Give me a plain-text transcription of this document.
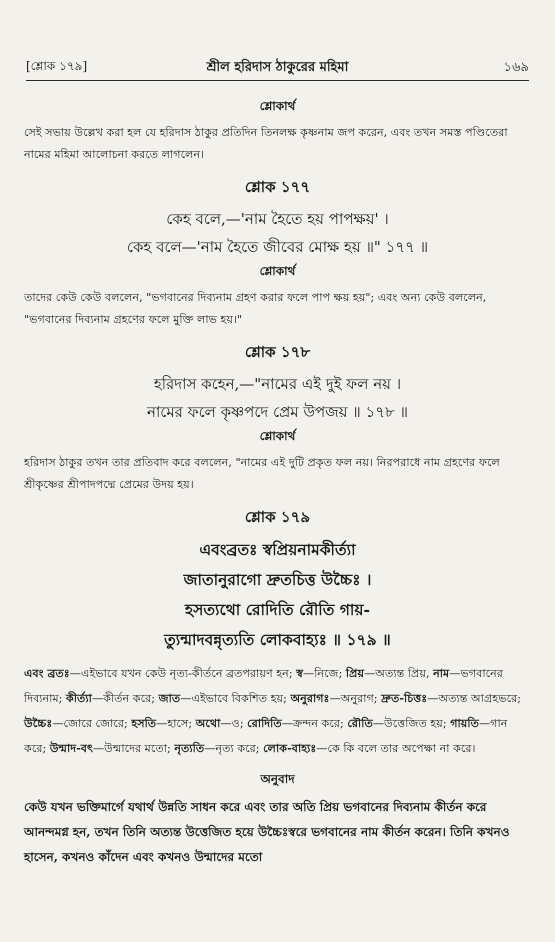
[শ্লোক ১৭৯]	শ্রীল হরিদাস ঠাকুরের মহিমা	১৬৯
শ্লোকার্থ

সেই সভায় উল্লেখ করা হল যে হরিদাস ঠাকুর প্রতিদিন তিনলক্ষ কৃষ্ণনাম জপ করেন, এবং তখন সমস্ত পণ্ডিতেরা নামের মহিমা আলোচনা করতে লাগলেন।

শ্লোক ১৭৭
কেহ বলে,—'নাম হৈতে হয় পাপক্ষয়' ।
কেহ বলে—'নাম হৈতে জীবের মোক্ষ হয় ॥" ১৭৭ ॥
শ্লোকার্থ

তাদের কেউ কেউ বললেন, "ভগবানের দিব্যনাম গ্রহণ করার ফলে পাপ ক্ষয় হয়"; এবং অন্য কেউ বললেন, "ভগবানের দিব্যনাম গ্রহণের ফলে মুক্তি লাভ হয়।"

শ্লোক ১৭৮
হরিদাস কহেন,—"নামের এই দুই ফল নয় ।
নামের ফলে কৃষ্ণপদে প্রেম উপজয় ॥ ১৭৮ ॥
শ্লোকার্থ

হরিদাস ঠাকুর তখন তার প্রতিবাদ করে বললেন, "নামের এই দুটি প্রকৃত ফল নয়। নিরপরাধে নাম গ্রহণের ফলে শ্রীকৃষ্ণের শ্রীপাদপদ্মে প্রেমের উদয় হয়।

শ্লোক ১৭৯
এবংব্রতঃ স্বপ্রিয়নামকীর্ত্যা
জাতানুরাগো দ্রুতচিত্ত উচ্চৈঃ ।
হসত্যথো রোদিতি রৌতি গায়-
ত্যুন্মাদবন্নৃত্যতি লোকবাহ্যঃ ॥ ১৭৯ ॥

এবং ব্রতঃ—এইভাবে যখন কেউ নৃত্য-কীর্তনে ব্রতপরায়ণ হন; স্ব—নিজে; প্রিয়—অত্যন্ত প্রিয়, নাম—ভগবানের দিব্যনাম; কীর্ত্যা—কীর্তন করে; জাত—এইভাবে বিকশিত হয়; অনুরাগঃ—অনুরাগ; দ্রুত-চিত্তঃ—অত্যন্ত আগ্রহভরে; উচ্চৈঃ—জোরে জোরে; হসতি—হাসে; অথো—ও; রোদিতি—ক্রন্দন করে; রৌতি—উত্তেজিত হয়; গায়তি—গান করে; উন্মাদ-বৎ—উন্মাদের মতো; নৃত্যতি—নৃত্য করে; লোক-বাহ্যঃ—কে কি বলে তার অপেক্ষা না করে।

অনুবাদ

কেউ যখন ভক্তিমার্গে যথার্থ উন্নতি সাধন করে এবং তার অতি প্রিয় ভগবানের দিব্যনাম কীর্তন করে আনন্দমগ্ন হন, তখন তিনি অত্যন্ত উত্তেজিত হয়ে উচ্চৈঃস্বরে ভগবানের নাম কীর্তন করেন। তিনি কখনও হাসেন, কখনও কাঁদেন এবং কখনও উন্মাদের মতো
